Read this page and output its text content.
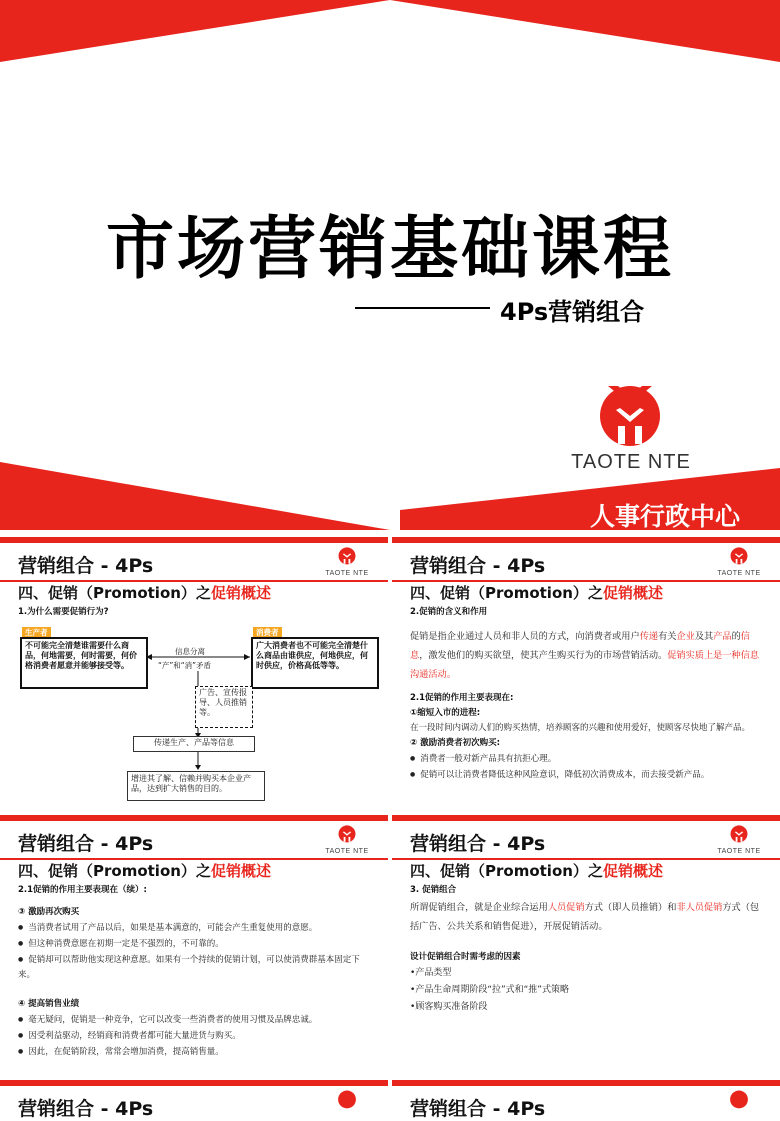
市场营销基础课程
4Ps营销组合
TAOTE NTE
人事行政中心
营销组合 - 4Ps	TAOTE NTE
四、促销（Promotion）之促销概述
1.为什么需要促销行为?
生产者
不可能完全清楚谁需要什么商品，何地需要，何时需要，何价格消费者愿意并能够接受等。
消费者
广大消费者也不可能完全清楚什么商品由谁供应，何地供应，何时供应，价格高低等等。
信息分离
“产”和“消”矛盾
广告、宣传报导、人员推销等。
传递生产、产品等信息
增进其了解、信赖并购买本企业产品，达到扩大销售的目的。
营销组合 - 4Ps	TAOTE NTE
四、促销（Promotion）之促销概述
2.促销的含义和作用
促销是指企业通过人员和非人员的方式，向消费者或用户传递有关企业及其产品的信息，激发他们的购买欲望，使其产生购买行为的市场营销活动。促销实质上是一种信息沟通活动。
2.1促销的作用主要表现在:
①缩短入市的进程:
在一段时间内调动人们的购买热情，培养顾客的兴趣和使用爱好，使顾客尽快地了解产品。
② 激励消费者初次购买:
● 消费者一般对新产品具有抗拒心理。
● 促销可以让消费者降低这种风险意识，降低初次消费成本，而去接受新产品。
营销组合 - 4Ps	TAOTE NTE
四、促销（Promotion）之促销概述
2.1促销的作用主要表现在（续）:
③ 激励再次购买
● 当消费者试用了产品以后，如果是基本满意的，可能会产生重复使用的意愿。
● 但这种消费意愿在初期一定是不强烈的，不可靠的。
● 促销却可以帮助他实现这种意愿。如果有一个持续的促销计划，可以使消费群基本固定下来。
④ 提高销售业绩
● 毫无疑问，促销是一种竞争，它可以改变一些消费者的使用习惯及品牌忠诚。
● 因受利益驱动，经销商和消费者都可能大量进货与购买。
● 因此，在促销阶段，常常会增加消费，提高销售量。
营销组合 - 4Ps	TAOTE NTE
四、促销（Promotion）之促销概述
3. 促销组合
所谓促销组合，就是企业综合运用人员促销方式（即人员推销）和非人员促销方式（包括广告、公共关系和销售促进），开展促销活动。
设计促销组合时需考虑的因素
• 产品类型
• 产品生命周期阶段“拉”式和“推”式策略
• 顾客购买准备阶段
营销组合 - 4Ps	营销组合 - 4Ps
